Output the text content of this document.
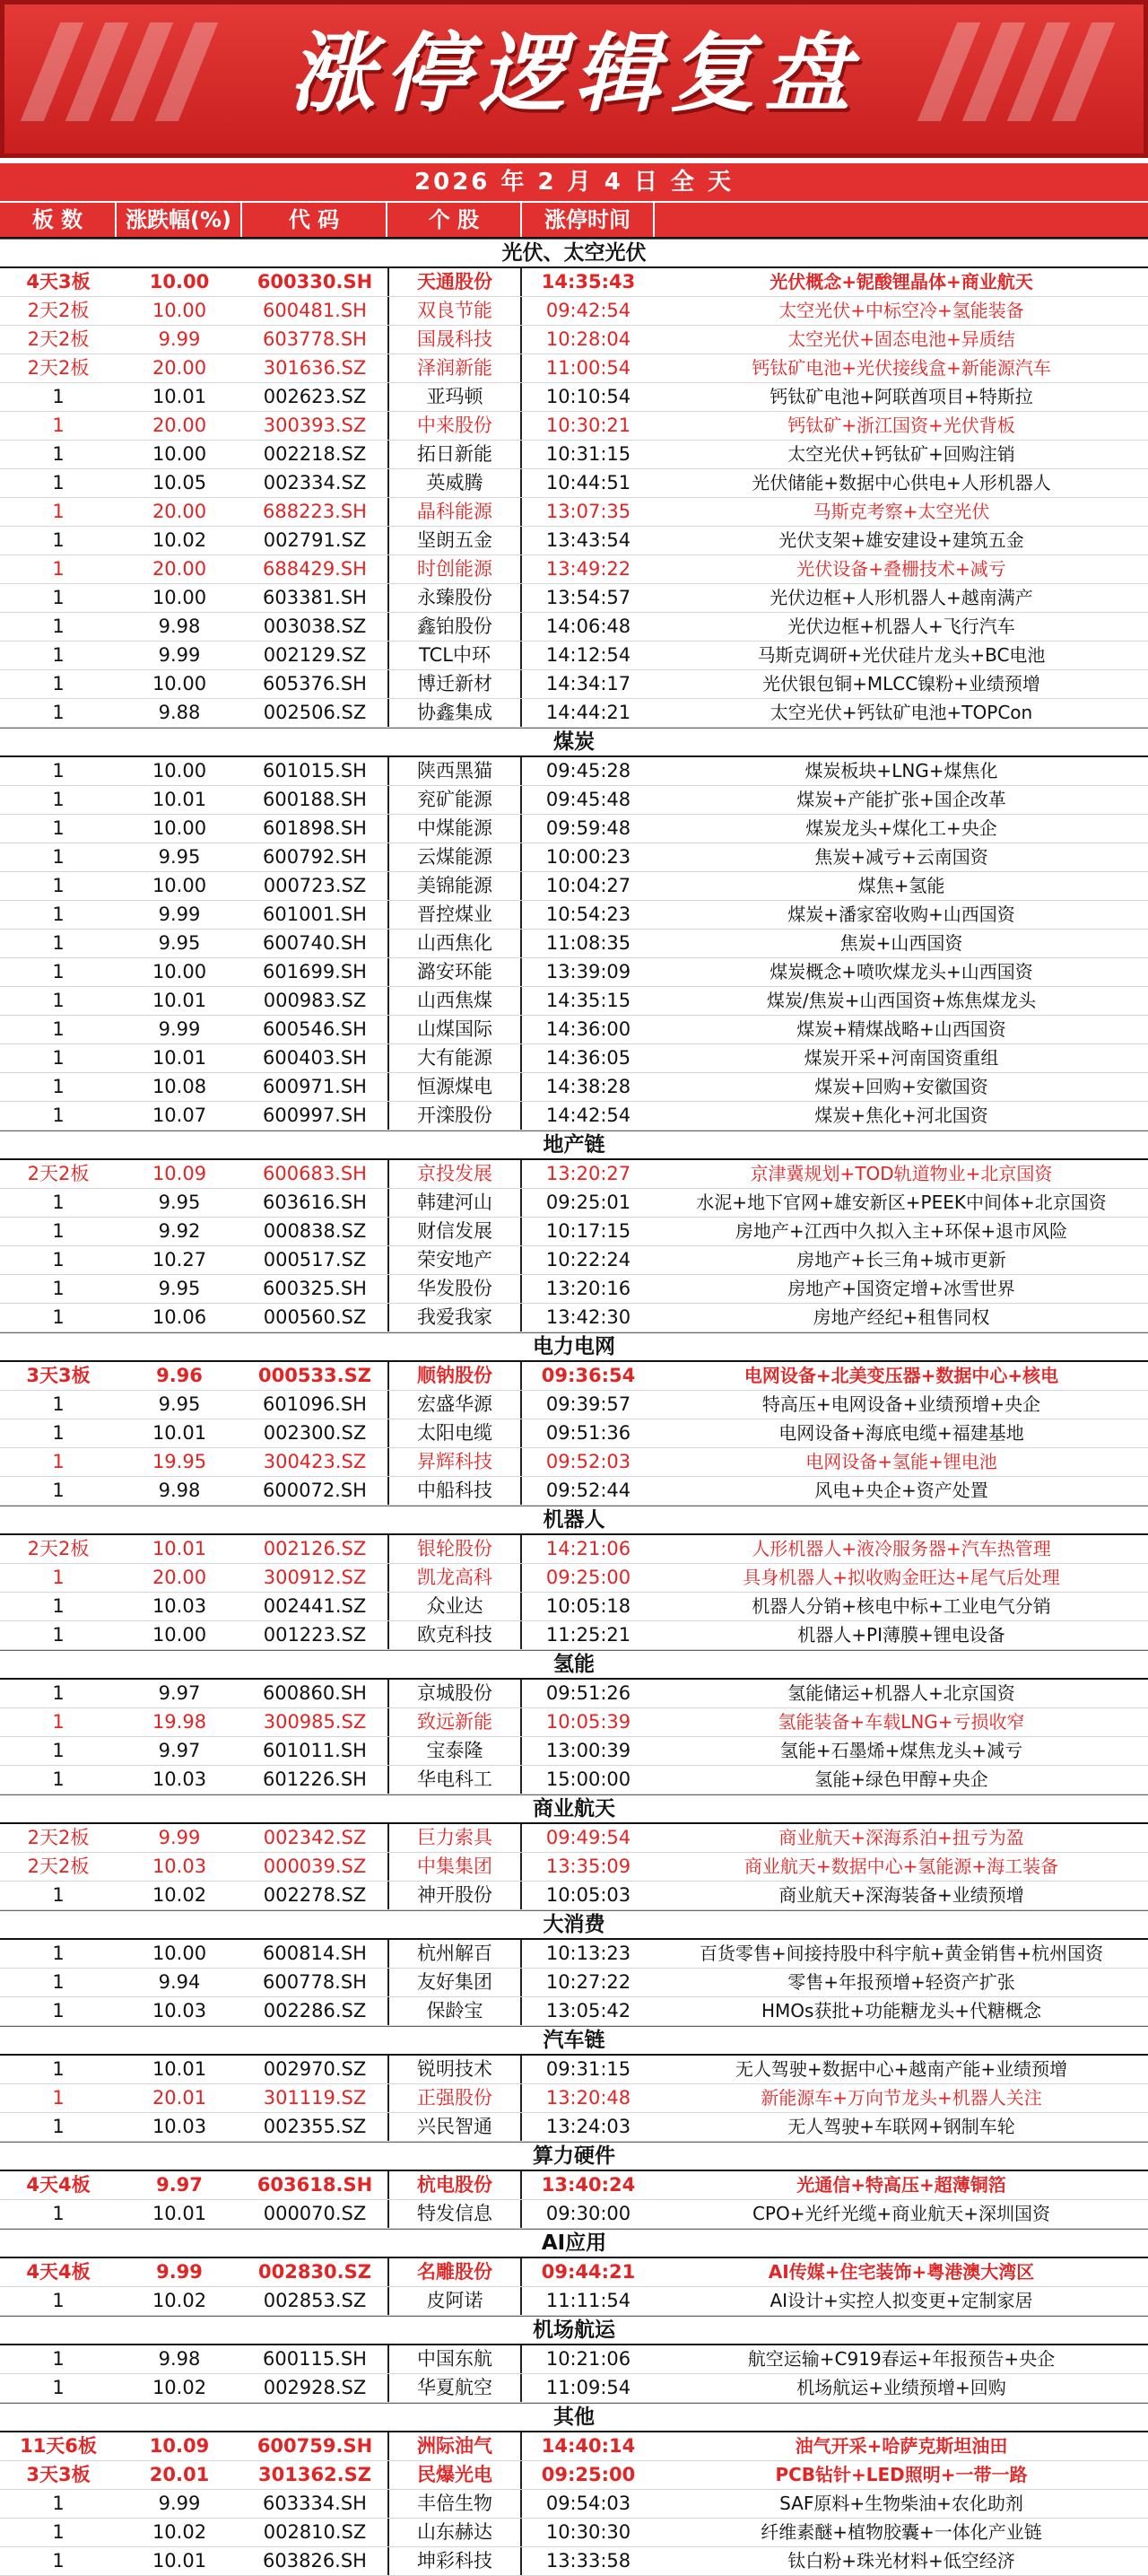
涨停逻辑复盘
2026 年 2 月 4 日 全 天
板 数	涨跌幅(%)	代 码	个 股	涨停时间
光伏、太空光伏
4天3板	10.00	600330.SH	天通股份	14:35:43	光伏概念+铌酸锂晶体+商业航天
2天2板	10.00	600481.SH	双良节能	09:42:54	太空光伏+中标空冷+氢能装备
2天2板	9.99	603778.SH	国晟科技	10:28:04	太空光伏+固态电池+异质结
2天2板	20.00	301636.SZ	泽润新能	11:00:54	钙钛矿电池+光伏接线盒+新能源汽车
1	10.01	002623.SZ	亚玛顿	10:10:54	钙钛矿电池+阿联酋项目+特斯拉
1	20.00	300393.SZ	中来股份	10:30:21	钙钛矿+浙江国资+光伏背板
1	10.00	002218.SZ	拓日新能	10:31:15	太空光伏+钙钛矿+回购注销
1	10.05	002334.SZ	英威腾	10:44:51	光伏储能+数据中心供电+人形机器人
1	20.00	688223.SH	晶科能源	13:07:35	马斯克考察+太空光伏
1	10.02	002791.SZ	坚朗五金	13:43:54	光伏支架+雄安建设+建筑五金
1	20.00	688429.SH	时创能源	13:49:22	光伏设备+叠栅技术+减亏
1	10.00	603381.SH	永臻股份	13:54:57	光伏边框+人形机器人+越南满产
1	9.98	003038.SZ	鑫铂股份	14:06:48	光伏边框+机器人+飞行汽车
1	9.99	002129.SZ	TCL中环	14:12:54	马斯克调研+光伏硅片龙头+BC电池
1	10.00	605376.SH	博迁新材	14:34:17	光伏银包铜+MLCC镍粉+业绩预增
1	9.88	002506.SZ	协鑫集成	14:44:21	太空光伏+钙钛矿电池+TOPCon
煤炭
1	10.00	601015.SH	陕西黑猫	09:45:28	煤炭板块+LNG+煤焦化
1	10.01	600188.SH	兖矿能源	09:45:48	煤炭+产能扩张+国企改革
1	10.00	601898.SH	中煤能源	09:59:48	煤炭龙头+煤化工+央企
1	9.95	600792.SH	云煤能源	10:00:23	焦炭+减亏+云南国资
1	10.00	000723.SZ	美锦能源	10:04:27	煤焦+氢能
1	9.99	601001.SH	晋控煤业	10:54:23	煤炭+潘家窑收购+山西国资
1	9.95	600740.SH	山西焦化	11:08:35	焦炭+山西国资
1	10.00	601699.SH	潞安环能	13:39:09	煤炭概念+喷吹煤龙头+山西国资
1	10.01	000983.SZ	山西焦煤	14:35:15	煤炭/焦炭+山西国资+炼焦煤龙头
1	9.99	600546.SH	山煤国际	14:36:00	煤炭+精煤战略+山西国资
1	10.01	600403.SH	大有能源	14:36:05	煤炭开采+河南国资重组
1	10.08	600971.SH	恒源煤电	14:38:28	煤炭+回购+安徽国资
1	10.07	600997.SH	开滦股份	14:42:54	煤炭+焦化+河北国资
地产链
2天2板	10.09	600683.SH	京投发展	13:20:27	京津冀规划+TOD轨道物业+北京国资
1	9.95	603616.SH	韩建河山	09:25:01	水泥+地下官网+雄安新区+PEEK中间体+北京国资
1	9.92	000838.SZ	财信发展	10:17:15	房地产+江西中久拟入主+环保+退市风险
1	10.27	000517.SZ	荣安地产	10:22:24	房地产+长三角+城市更新
1	9.95	600325.SH	华发股份	13:20:16	房地产+国资定增+冰雪世界
1	10.06	000560.SZ	我爱我家	13:42:30	房地产经纪+租售同权
电力电网
3天3板	9.96	000533.SZ	顺钠股份	09:36:54	电网设备+北美变压器+数据中心+核电
1	9.95	601096.SH	宏盛华源	09:39:57	特高压+电网设备+业绩预增+央企
1	10.01	002300.SZ	太阳电缆	09:51:36	电网设备+海底电缆+福建基地
1	19.95	300423.SZ	昇辉科技	09:52:03	电网设备+氢能+锂电池
1	9.98	600072.SH	中船科技	09:52:44	风电+央企+资产处置
机器人
2天2板	10.01	002126.SZ	银轮股份	14:21:06	人形机器人+液冷服务器+汽车热管理
1	20.00	300912.SZ	凯龙高科	09:25:00	具身机器人+拟收购金旺达+尾气后处理
1	10.03	002441.SZ	众业达	10:05:18	机器人分销+核电中标+工业电气分销
1	10.00	001223.SZ	欧克科技	11:25:21	机器人+PI薄膜+锂电设备
氢能
1	9.97	600860.SH	京城股份	09:51:26	氢能储运+机器人+北京国资
1	19.98	300985.SZ	致远新能	10:05:39	氢能装备+车载LNG+亏损收窄
1	9.97	601011.SH	宝泰隆	13:00:39	氢能+石墨烯+煤焦龙头+减亏
1	10.03	601226.SH	华电科工	15:00:00	氢能+绿色甲醇+央企
商业航天
2天2板	9.99	002342.SZ	巨力索具	09:49:54	商业航天+深海系泊+扭亏为盈
2天2板	10.03	000039.SZ	中集集团	13:35:09	商业航天+数据中心+氢能源+海工装备
1	10.02	002278.SZ	神开股份	10:05:03	商业航天+深海装备+业绩预增
大消费
1	10.00	600814.SH	杭州解百	10:13:23	百货零售+间接持股中科宇航+黄金销售+杭州国资
1	9.94	600778.SH	友好集团	10:27:22	零售+年报预增+轻资产扩张
1	10.03	002286.SZ	保龄宝	13:05:42	HMOs获批+功能糖龙头+代糖概念
汽车链
1	10.01	002970.SZ	锐明技术	09:31:15	无人驾驶+数据中心+越南产能+业绩预增
1	20.01	301119.SZ	正强股份	13:20:48	新能源车+万向节龙头+机器人关注
1	10.03	002355.SZ	兴民智通	13:24:03	无人驾驶+车联网+钢制车轮
算力硬件
4天4板	9.97	603618.SH	杭电股份	13:40:24	光通信+特高压+超薄铜箔
1	10.01	000070.SZ	特发信息	09:30:00	CPO+光纤光缆+商业航天+深圳国资
AI应用
4天4板	9.99	002830.SZ	名雕股份	09:44:21	AI传媒+住宅装饰+粤港澳大湾区
1	10.02	002853.SZ	皮阿诺	11:11:54	AI设计+实控人拟变更+定制家居
机场航运
1	9.98	600115.SH	中国东航	10:21:06	航空运输+C919春运+年报预告+央企
1	10.02	002928.SZ	华夏航空	11:09:54	机场航运+业绩预增+回购
其他
11天6板	10.09	600759.SH	洲际油气	14:40:14	油气开采+哈萨克斯坦油田
3天3板	20.01	301362.SZ	民爆光电	09:25:00	PCB钻针+LED照明+一带一路
1	9.99	603334.SH	丰倍生物	09:54:03	SAF原料+生物柴油+农化助剂
1	10.02	002810.SZ	山东赫达	10:30:30	纤维素醚+植物胶囊+一体化产业链
1	10.01	603826.SH	坤彩科技	13:33:58	钛白粉+珠光材料+低空经济
